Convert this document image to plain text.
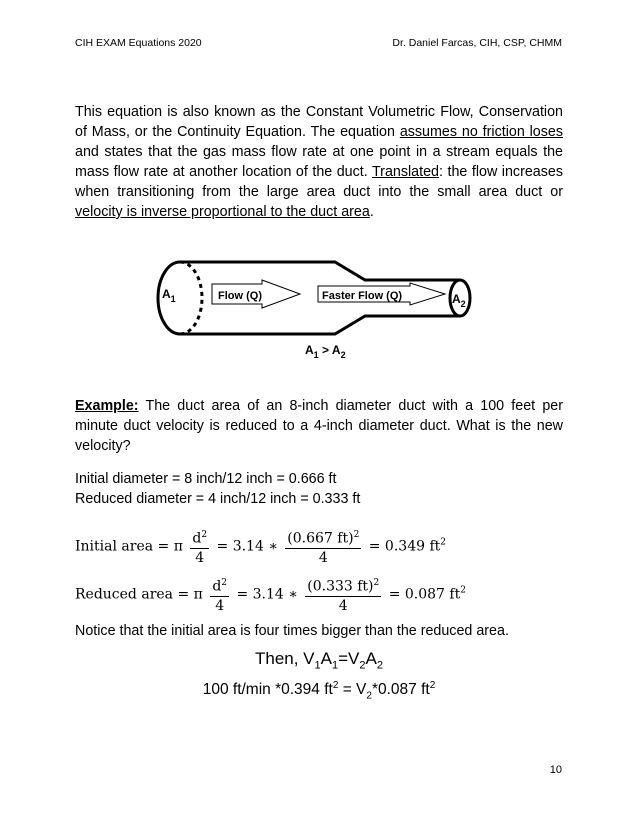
CIH EXAM Equations 2020	Dr. Daniel Farcas, CIH, CSP, CHMM
This equation is also known as the Constant Volumetric Flow, Conservation of Mass, or the Continuity Equation. The equation assumes no friction loses and states that the gas mass flow rate at one point in a stream equals the mass flow rate at another location of the duct. Translated: the flow increases when transitioning from the large area duct into the small area duct or velocity is inverse proportional to the duct area.
Flow (Q)	Faster Flow (Q)
$A_1$	$A_2$
$A_1 > A_2$
Example: The duct area of an 8-inch diameter duct with a 100 feet per minute duct velocity is reduced to a 4-inch diameter duct. What is the new velocity?
Initial diameter = 8 inch/12 inch = 0.666 ft
Reduced diameter = 4 inch/12 inch = 0.333 ft
Initial area = π $\frac{d^2}{4} = 3.14$ ∗ $\frac{(0.667 ft)^2}{4} = 0.349$ $ft^2$
Reduced area = π $\frac{d^2}{4} = 3.14$ ∗ $\frac{(0.333 ft)^2}{4} = 0.087$ $ft^2$
Notice that the initial area is four times bigger than the reduced area.
Then, $V_1A_1=V_2A_2$
100 ft/min *0.394 $ft^2 = V_2*0.087$ $ft^2$
10
